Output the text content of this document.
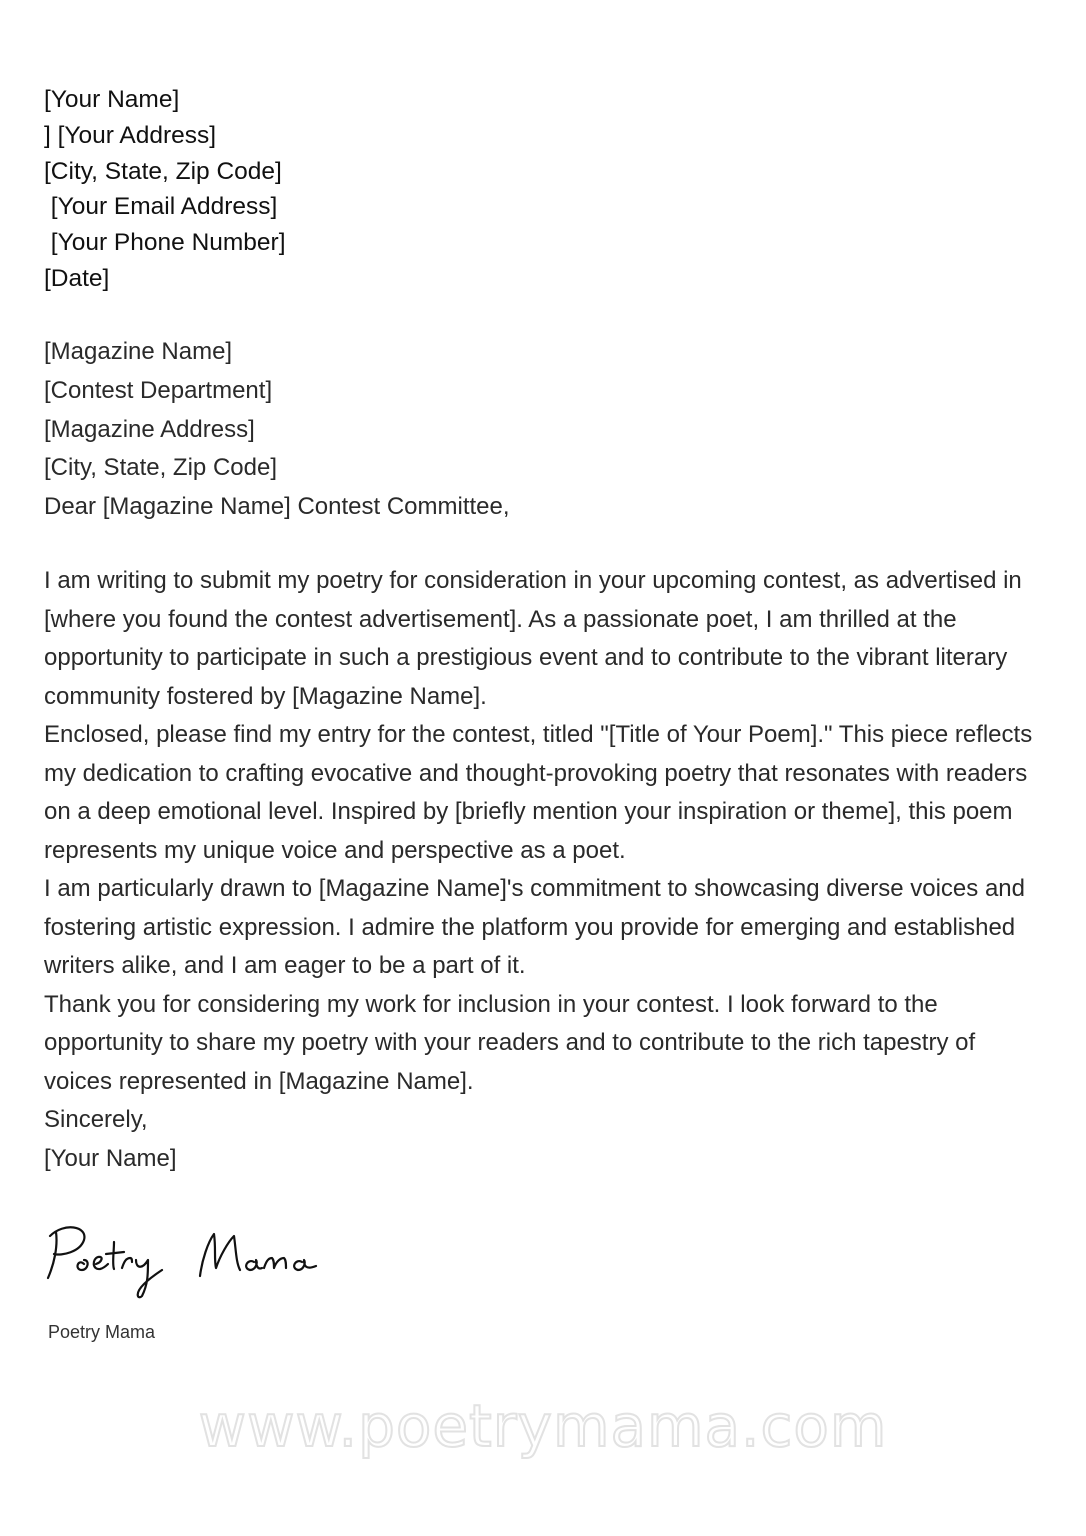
[Your Name]
] [Your Address]
[City, State, Zip Code]
[Your Email Address]
[Your Phone Number]
[Date]
[Magazine Name]
[Contest Department]
[Magazine Address]
[City, State, Zip Code]
Dear [Magazine Name] Contest Committee,

I am writing to submit my poetry for consideration in your upcoming contest, as advertised in [where you found the contest advertisement]. As a passionate poet, I am thrilled at the opportunity to participate in such a prestigious event and to contribute to the vibrant literary community fostered by [Magazine Name].

Enclosed, please find my entry for the contest, titled "[Title of Your Poem]." This piece reflects my dedication to crafting evocative and thought-provoking poetry that resonates with readers on a deep emotional level. Inspired by [briefly mention your inspiration or theme], this poem represents my unique voice and perspective as a poet.

I am particularly drawn to [Magazine Name]'s commitment to showcasing diverse voices and fostering artistic expression. I admire the platform you provide for emerging and established writers alike, and I am eager to be a part of it.

Thank you for considering my work for inclusion in your contest. I look forward to the opportunity to share my poetry with your readers and to contribute to the rich tapestry of voices represented in [Magazine Name].

Sincerely,

[Your Name]

Poetry Mama
www.poetrymama.com
